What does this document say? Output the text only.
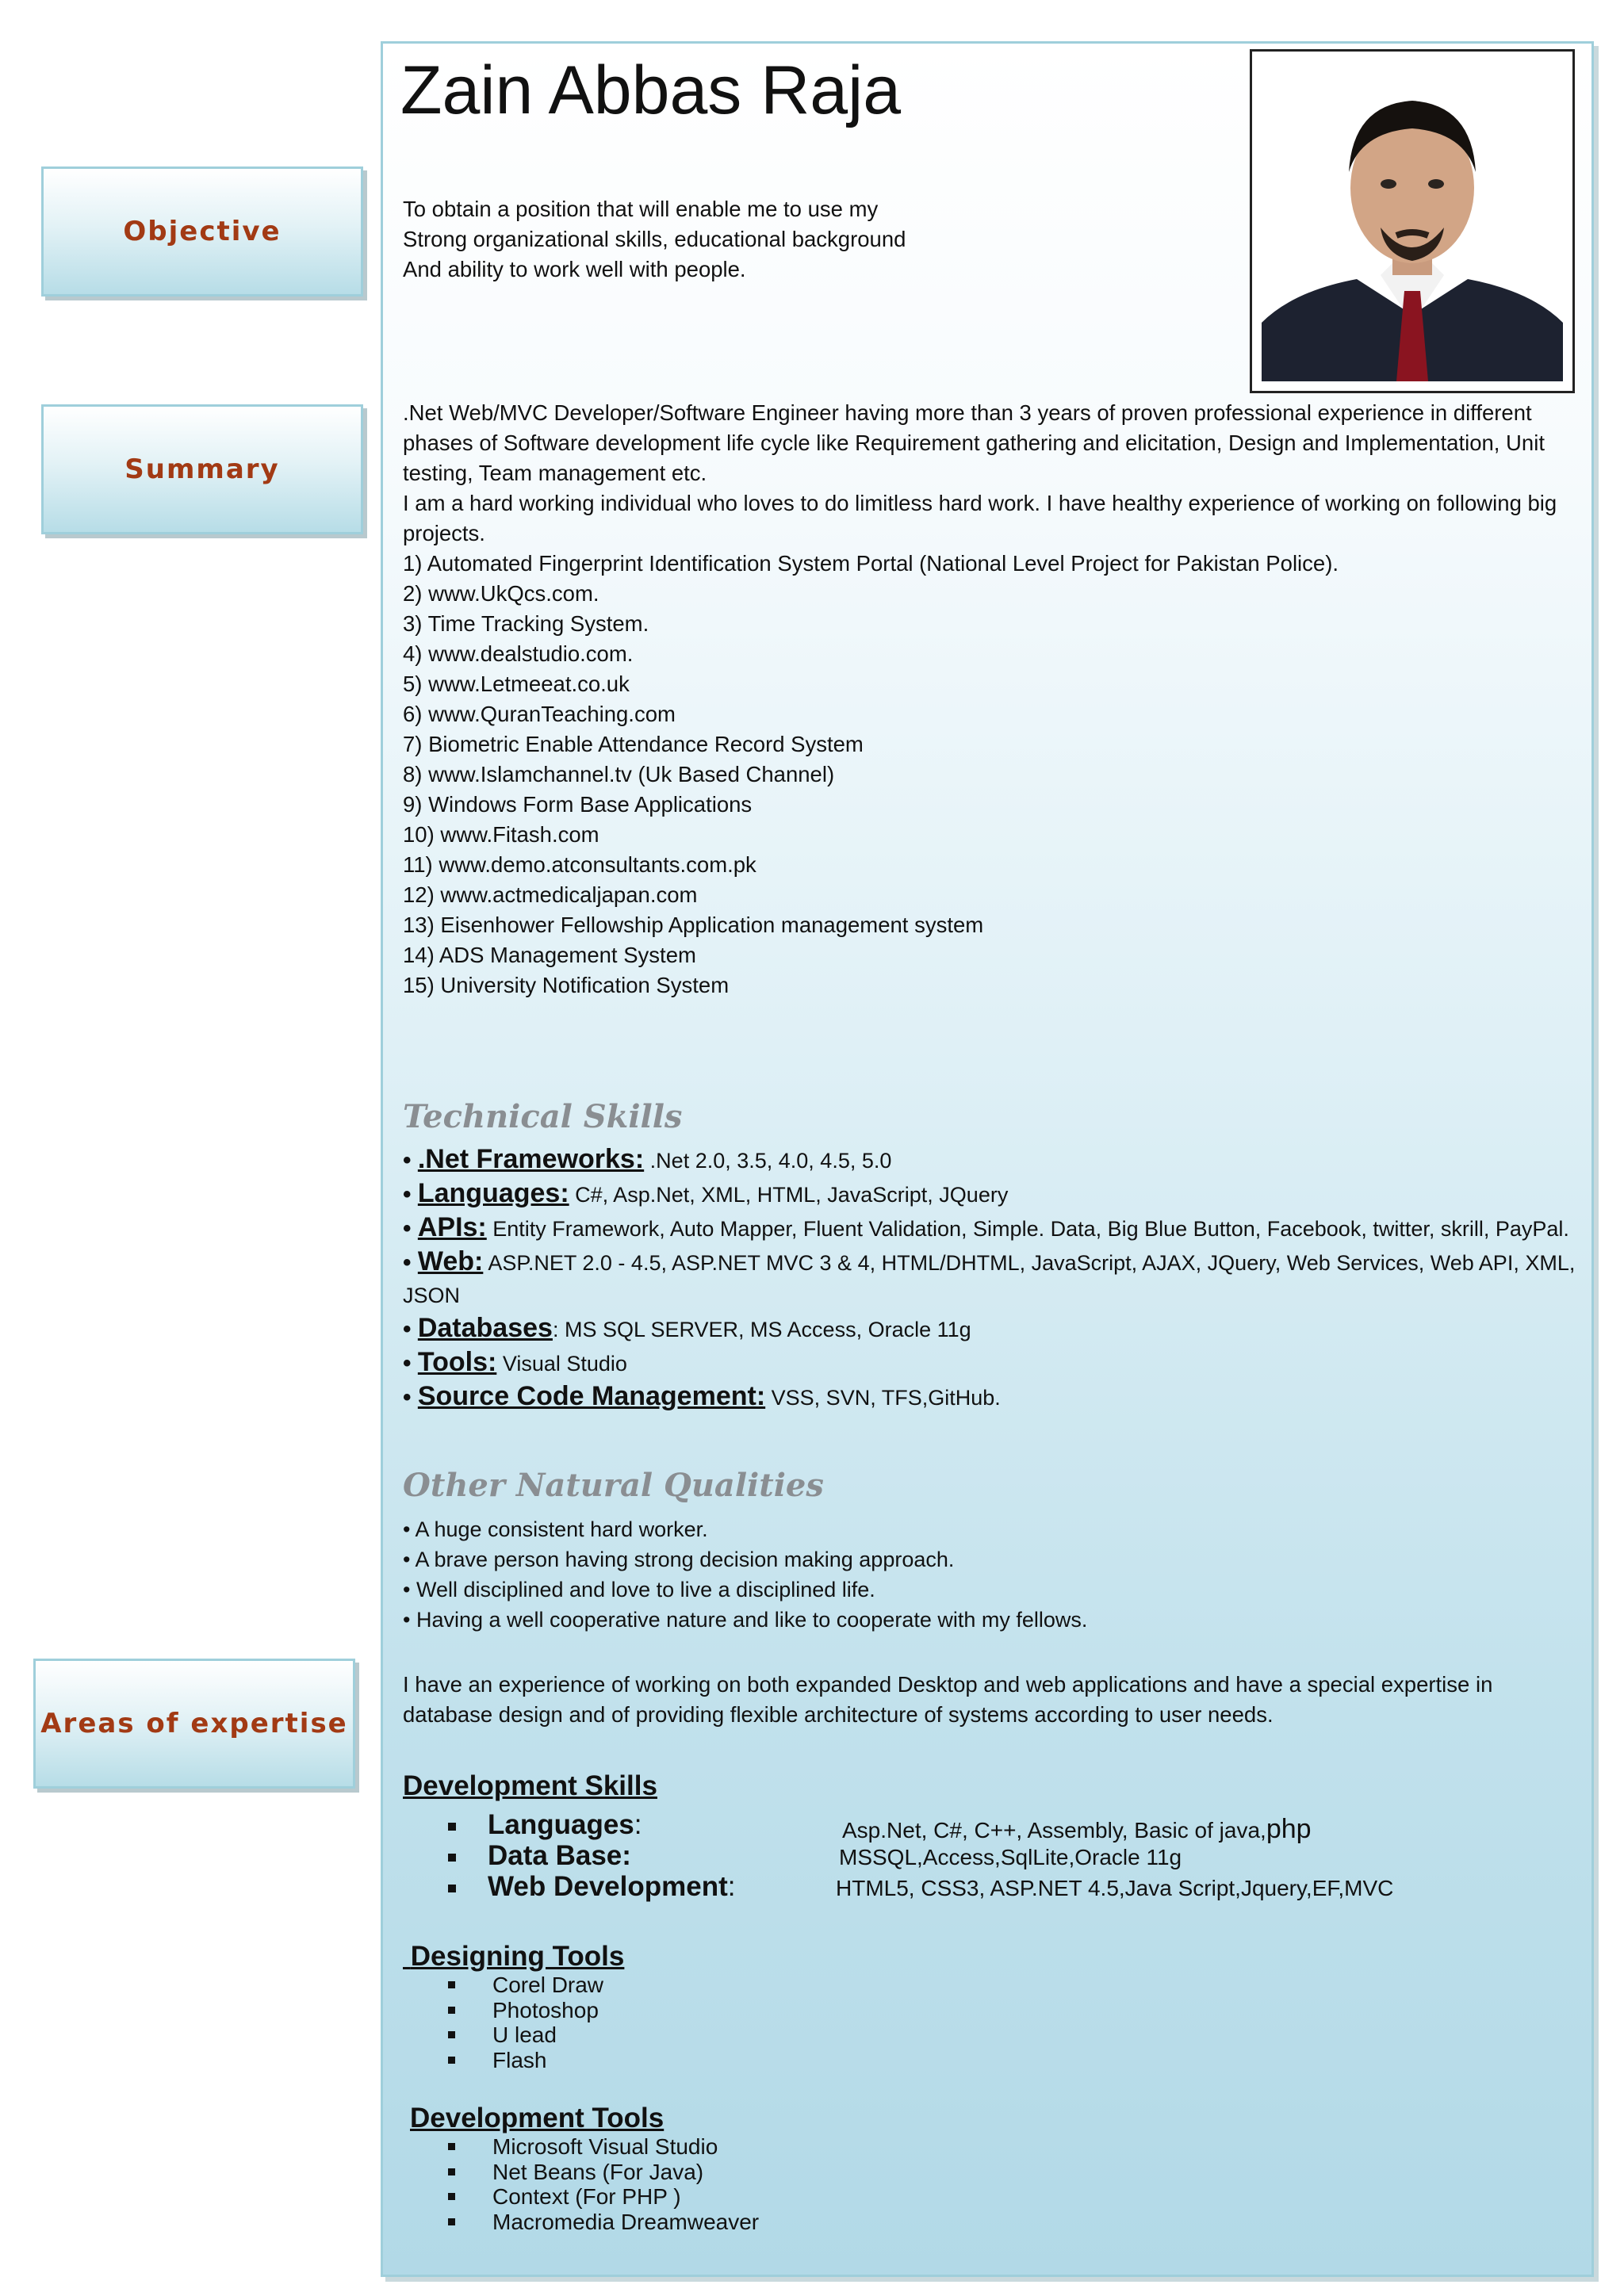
Objective
Summary
Areas of expertise
Zain Abbas Raja
To obtain a position that will enable me to use my
Strong organizational skills, educational background
And ability to work well with people.

.Net Web/MVC Developer/Software Engineer having more than 3 years of proven professional experience in different phases of Software development life cycle like Requirement gathering and elicitation, Design and Implementation, Unit testing, Team management etc.

I am a hard working individual who loves to do limitless hard work. I have healthy experience of working on following big projects.

1) Automated Fingerprint Identification System Portal (National Level Project for Pakistan Police).

2) www.UkQcs.com.

3) Time Tracking System.

4) www.dealstudio.com.

5) www.Letmeeat.co.uk

6) www.QuranTeaching.com

7) Biometric Enable Attendance Record System

8) www.Islamchannel.tv (Uk Based Channel)

9) Windows Form Base Applications

10) www.Fitash.com

11) www.demo.atconsultants.com.pk

12) www.actmedicaljapan.com

13) Eisenhower Fellowship Application management system

14) ADS Management System

15) University Notification System

Technical Skills

• .Net Frameworks: .Net 2.0, 3.5, 4.0, 4.5, 5.0

• Languages: C#, Asp.Net, XML, HTML, JavaScript, JQuery

• APIs: Entity Framework, Auto Mapper, Fluent Validation, Simple. Data, Big Blue Button, Facebook, twitter, skrill, PayPal.

• Web: ASP.NET 2.0 - 4.5, ASP.NET MVC 3 & 4, HTML/DHTML, JavaScript, AJAX, JQuery, Web Services, Web API, XML, JSON

• Databases: MS SQL SERVER, MS Access, Oracle 11g

• Tools: Visual Studio

• Source Code Management: VSS, SVN, TFS,GitHub.

Other Natural Qualities

• A huge consistent hard worker.

• A brave person having strong decision making approach.

• Well disciplined and love to live a disciplined life.

• Having a well cooperative nature and like to cooperate with my fellows.

I have an experience of working on both expanded Desktop and web applications and have a special expertise in database design and of providing flexible architecture of systems according to user needs.
Development Skills
Languages:	Asp.Net, C#, C++, Assembly, Basic of java,php
Data Base:	MSSQL,Access,SqlLite,Oracle 11g
Web Development:	HTML5, CSS3, ASP.NET 4.5,Java Script,Jquery,EF,MVC
Designing Tools
Corel Draw
Photoshop
U lead
Flash
Development Tools
Microsoft Visual Studio
Net Beans (For Java)
Context (For PHP )
Macromedia Dreamweaver
